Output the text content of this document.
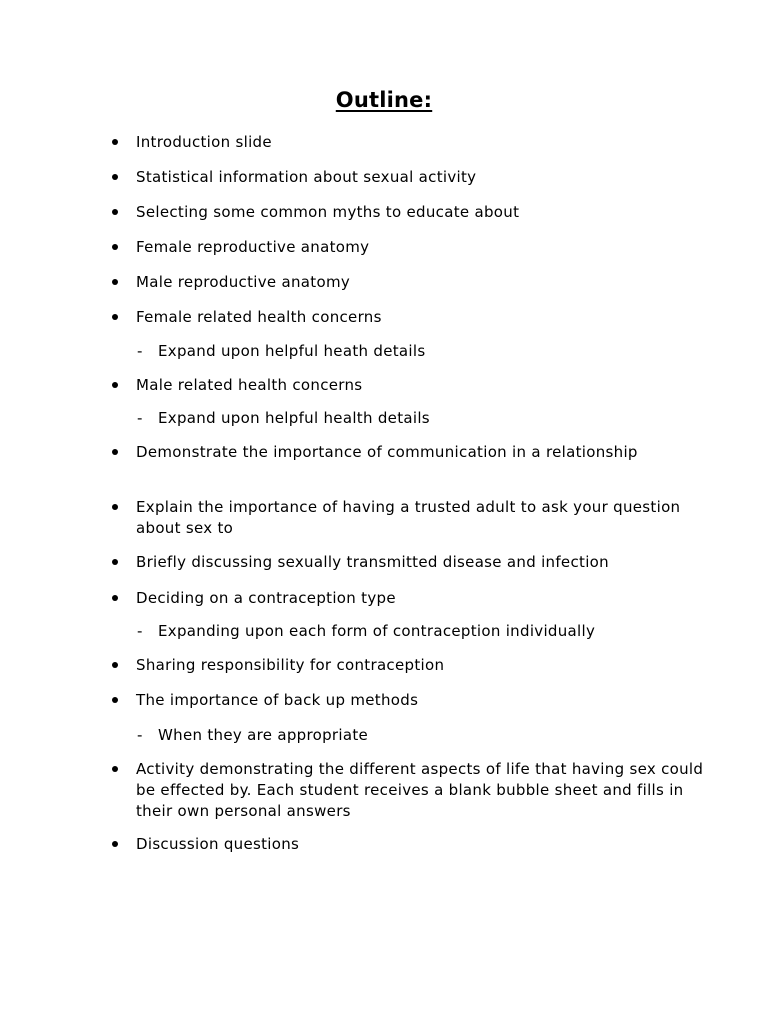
Outline:
Introduction slide
Statistical information about sexual activity
Selecting some common myths to educate about
Female reproductive anatomy
Male reproductive anatomy
Female related health concerns
- Expand upon helpful heath details
Male related health concerns
- Expand upon helpful health details
Demonstrate the importance of communication in a relationship
Explain the importance of having a trusted adult to ask your question about sex to
Briefly discussing sexually transmitted disease and infection
Deciding on a contraception type
- Expanding upon each form of contraception individually
Sharing responsibility for contraception
The importance of back up methods
- When they are appropriate
Activity demonstrating the different aspects of life that having sex could be effected by. Each student receives a blank bubble sheet and fills in their own personal answers
Discussion questions
